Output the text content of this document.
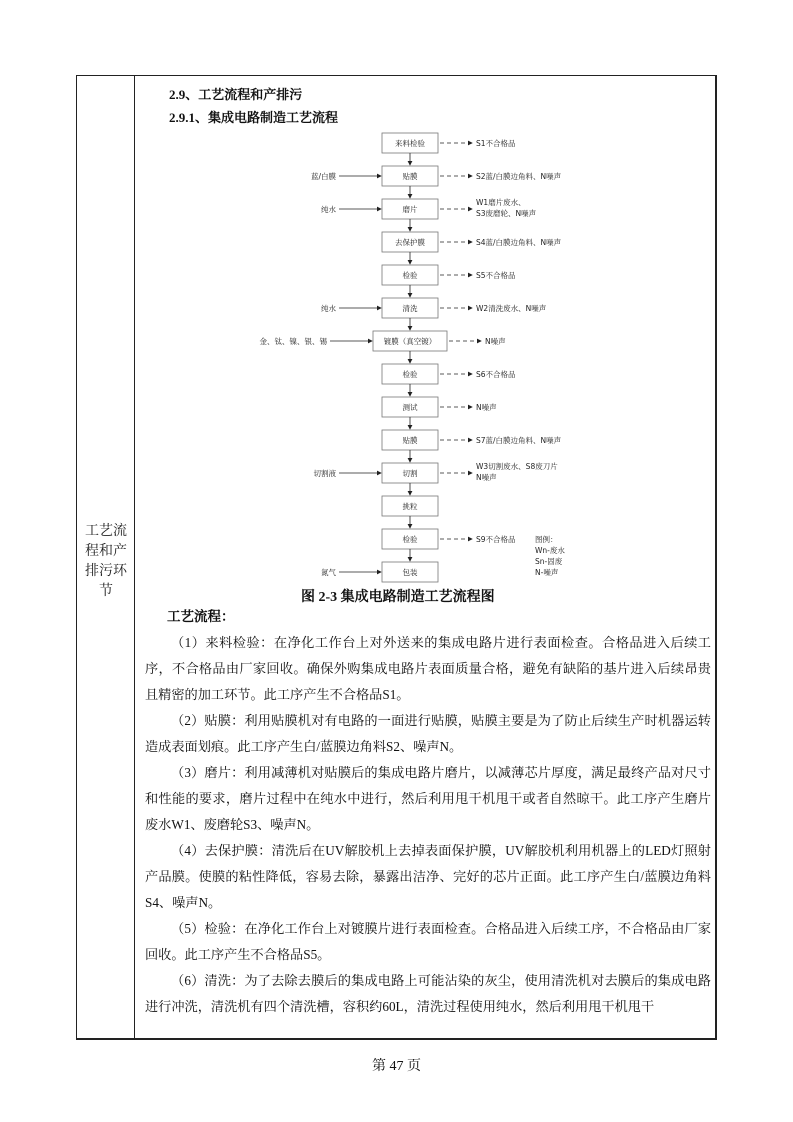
工艺流程和产排污环节
2.9、工艺流程和产排污
2.9.1、集成电路制造工艺流程
来料检验	S1不合格品
贴膜
蓝/白膜	S2蓝/白膜边角料、N噪声
磨片
纯水
W1磨片废水、
S3废磨轮、N噪声
去保护膜	S4蓝/白膜边角料、N噪声
检验	S5不合格品
清洗
纯水	W2清洗废水、N噪声
镀膜（真空镀）
金、钛、镍、银、锡	N噪声
检验	S6不合格品
测试	N噪声
贴膜	S7蓝/白膜边角料、N噪声
切割
切割液
W3切割废水、S8废刀片
N噪声
挑粒
检验	S9不合格品
包装
氮气
图例：
Wn-废水
Sn-固废
N-噪声
图 2-3 集成电路制造工艺流程图
工艺流程：

（1）来料检验：在净化工作台上对外送来的集成电路片进行表面检查。合格品进入后续工序，不合格品由厂家回收。确保外购集成电路片表面质量合格，避免有缺陷的基片进入后续昂贵且精密的加工环节。此工序产生不合格品S1。

（2）贴膜：利用贴膜机对有电路的一面进行贴膜，贴膜主要是为了防止后续生产时机器运转造成表面划痕。此工序产生白/蓝膜边角料S2、噪声N。

（3）磨片：利用减薄机对贴膜后的集成电路片磨片，以减薄芯片厚度，满足最终产品对尺寸和性能的要求，磨片过程中在纯水中进行，然后利用甩干机甩干或者自然晾干。此工序产生磨片废水W1、废磨轮S3、噪声N。

（4）去保护膜：清洗后在UV解胶机上去掉表面保护膜，UV解胶机利用机器上的LED灯照射产品膜。使膜的粘性降低，容易去除，暴露出洁净、完好的芯片正面。此工序产生白/蓝膜边角料S4、噪声N。

（5）检验：在净化工作台上对镀膜片进行表面检查。合格品进入后续工序，不合格品由厂家回收。此工序产生不合格品S5。

（6）清洗：为了去除去膜后的集成电路上可能沾染的灰尘，使用清洗机对去膜后的集成电路进行冲洗，清洗机有四个清洗槽，容积约60L，清洗过程使用纯水，然后利用甩干机甩干

第 47 页
